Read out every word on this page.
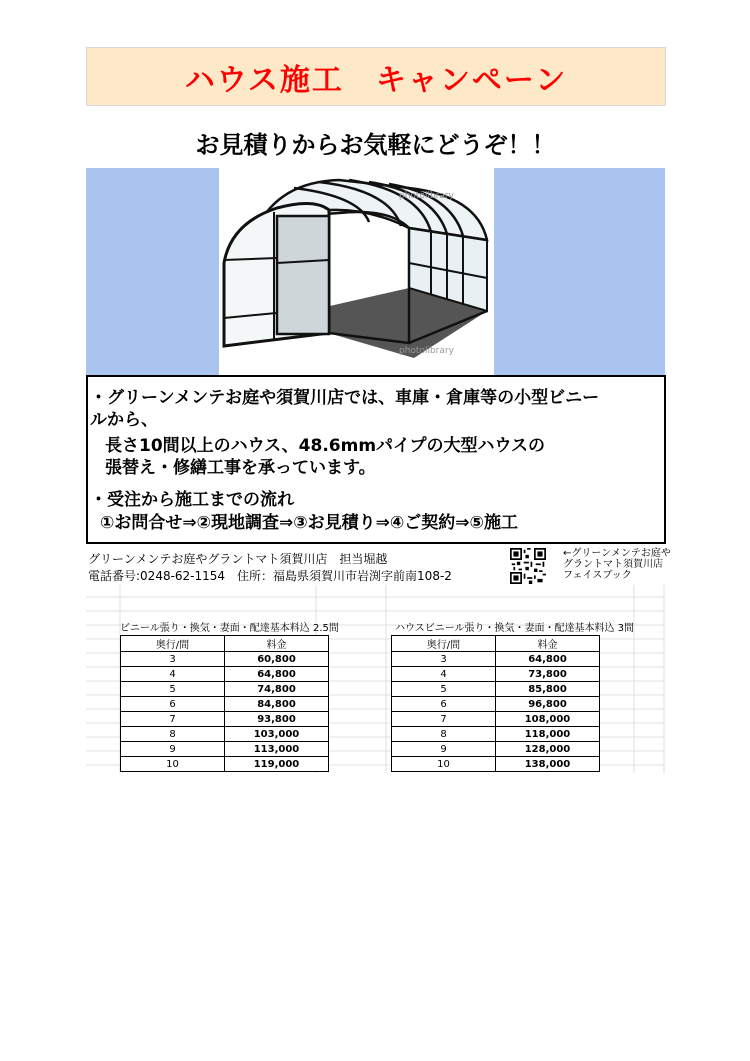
ハウス施工　キャンペーン
お見積りからお気軽にどうぞ！！
photolibrary
photolibrary
・グリーンメンテお庭や須賀川店では、車庫・倉庫等の小型ビニー
ルから、
長さ10間以上のハウス、48.6mmパイプの大型ハウスの
張替え・修繕工事を承っています。
・受注から施工までの流れ
①お問合せ⇒②現地調査⇒③お見積り⇒④ご契約⇒⑤施工
グリーンメンテお庭やグラントマト須賀川店　担当堀越
電話番号:0248-62-1154　住所：福島県須賀川市岩渕字前南108-2
←グリーンメンテお庭や
グラントマト須賀川店
フェイスブック
ビニール張り・換気・妻面・配達基本料込 2.5間
奥行/間	料金
3	60,800
4	64,800
5	74,800
6	84,800
7	93,800
8	103,000
9	113,000
10	119,000
ハウスビニール張り・換気・妻面・配達基本料込 3間
奥行/間	料金
3	64,800
4	73,800
5	85,800
6	96,800
7	108,000
8	118,000
9	128,000
10	138,000
